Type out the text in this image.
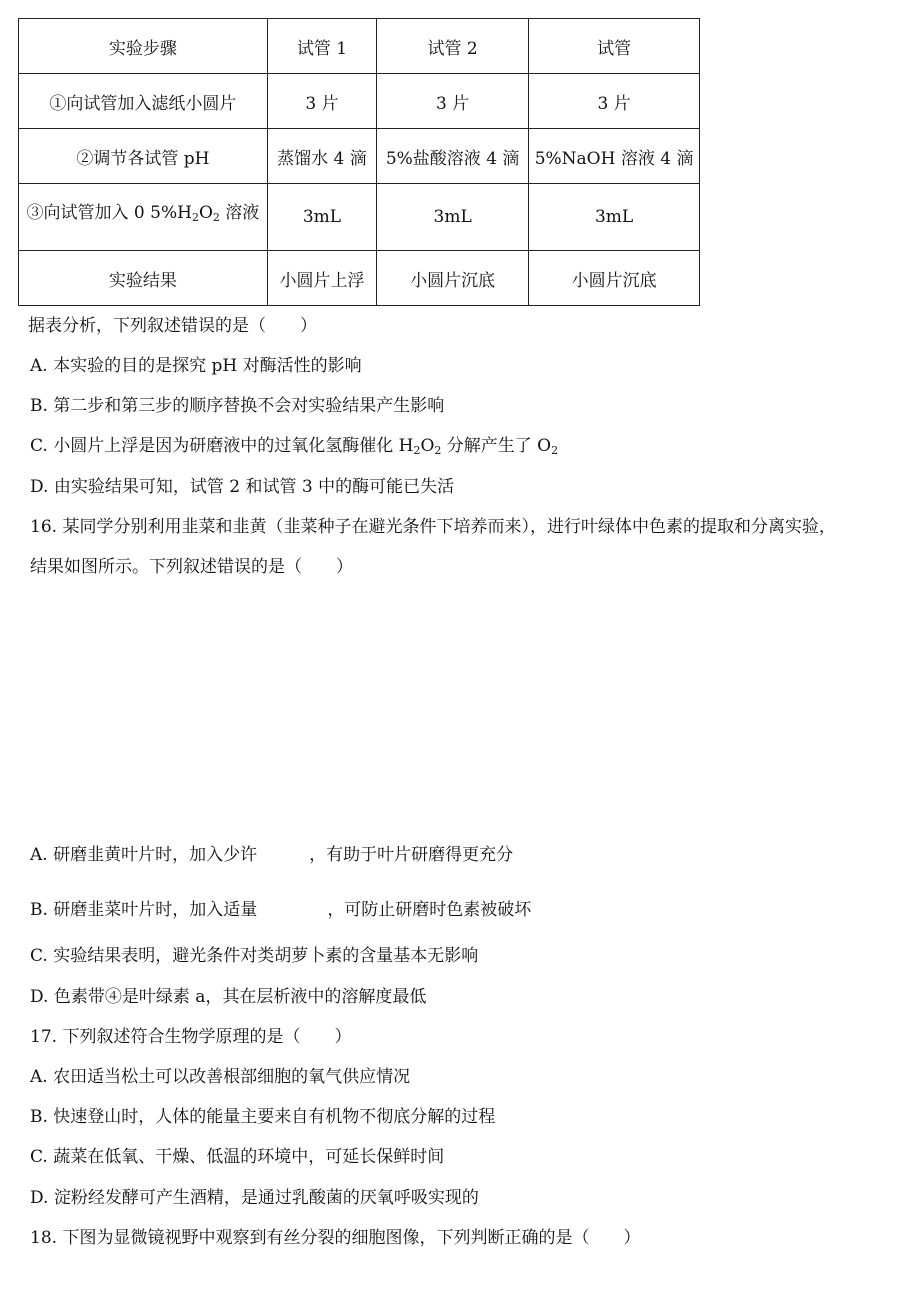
实验步骤	试管 1	试管 2	试管
①向试管加入滤纸小圆片	3 片	3 片	3 片
②调节各试管 pH	蒸馏水 4 滴	5%盐酸溶液 4 滴	5%NaOH 溶液 4 滴
③向试管加入 0 $5\%H_2O_2$ 溶液	3mL	3mL	3mL
实验结果	小圆片上浮	小圆片沉底	小圆片沉底
据表分析，下列叙述错误的是（　　）
A. 本实验的目的是探究 pH 对酶活性的影响
B. 第二步和第三步的顺序替换不会对实验结果产生影响
C. 小圆片上浮是因为研磨液中的过氧化氢酶催化 $H_2O_2$ 分解产生了 $O_2$
D. 由实验结果可知，试管 2 和试管 3 中的酶可能已失活
16. 某同学分别利用韭菜和韭黄（韭菜种子在避光条件下培养而来），进行叶绿体中色素的提取和分离实验，
结果如图所示。下列叙述错误的是（　　）
A. 研磨韭黄叶片时，加入少许	，有助于叶片研磨得更充分
B. 研磨韭菜叶片时，加入适量	，可防止研磨时色素被破坏
C. 实验结果表明，避光条件对类胡萝卜素的含量基本无影响
D. 色素带④是叶绿素 a，其在层析液中的溶解度最低
17. 下列叙述符合生物学原理的是（　　）
A. 农田适当松土可以改善根部细胞的氧气供应情况
B. 快速登山时，人体的能量主要来自有机物不彻底分解的过程
C. 蔬菜在低氧、干燥、低温的环境中，可延长保鲜时间
D. 淀粉经发酵可产生酒精，是通过乳酸菌的厌氧呼吸实现的
18. 下图为显微镜视野中观察到有丝分裂的细胞图像，下列判断正确的是（　　）
